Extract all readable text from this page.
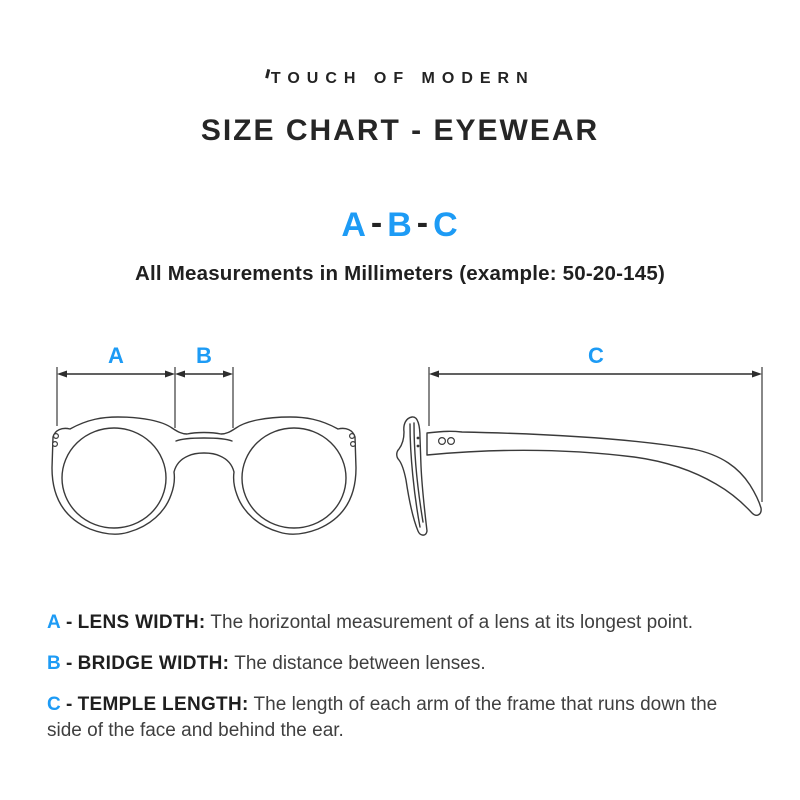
TOUCH OF MODERN
SIZE CHART - EYEWEAR
A - B - C
All Measurements in Millimeters (example: 50-20-145)
A	B	C

A - LENS WIDTH: The horizontal measurement of a lens at its longest point.

B - BRIDGE WIDTH: The distance between lenses.

C - TEMPLE LENGTH: The length of each arm of the frame that runs down the side of the face and behind the ear.
